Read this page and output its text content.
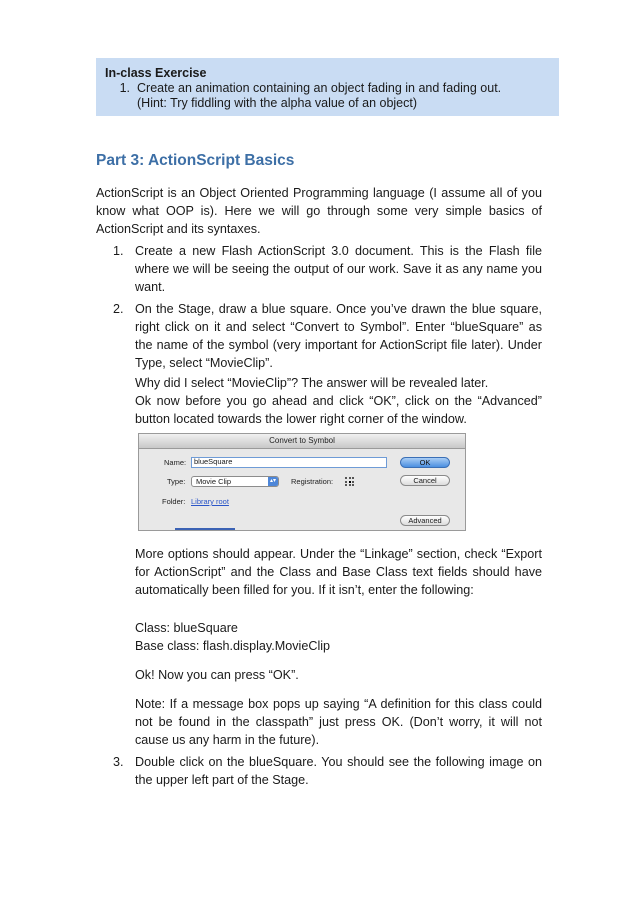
In-class Exercise
1. Create an animation containing an object fading in and fading out.
(Hint: Try fiddling with the alpha value of an object)
Part 3: ActionScript Basics

ActionScript is an Object Oriented Programming language (I assume all of you know what OOP is). Here we will go through some very simple basics of ActionScript and its syntaxes.

1. Create a new Flash ActionScript 3.0 document. This is the Flash file where we will be seeing the output of our work. Save it as any name you want.

2. On the Stage, draw a blue square. Once you’ve drawn the blue square, right click on it and select “Convert to Symbol”. Enter “blueSquare” as the name of the symbol (very important for ActionScript file later). Under Type, select “MovieClip”.

Why did I select “MovieClip”? The answer will be revealed later.

Ok now before you go ahead and click “OK”, click on the “Advanced” button located towards the lower right corner of the window.

Convert to Symbol
Name:	blueSquare
Type:	Movie Clip	▴▾ Registration:
Folder: Library root
OK
Cancel
Advanced

More options should appear. Under the “Linkage” section, check “Export for ActionScript” and the Class and Base Class text fields should have automatically been filled for you. If it isn’t, enter the following:

Class: blueSquare

Base class: flash.display.MovieClip

Ok! Now you can press “OK”.

Note: If a message box pops up saying “A definition for this class could not be found in the classpath” just press OK. (Don’t worry, it will not cause us any harm in the future).

3. Double click on the blueSquare. You should see the following image on the upper left part of the Stage.
